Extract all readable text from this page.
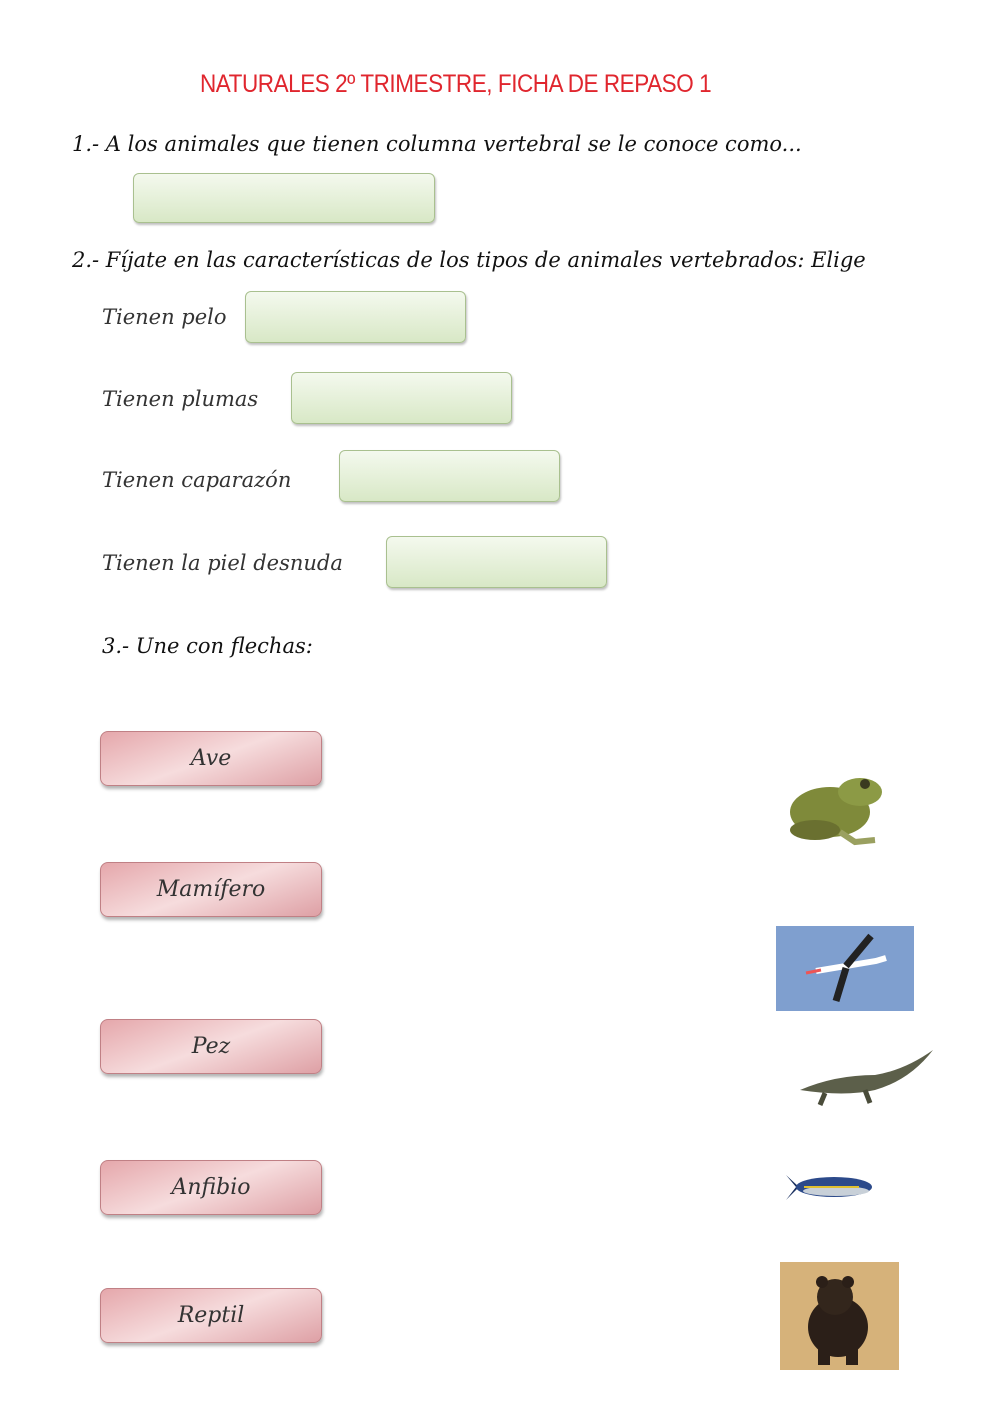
NATURALES 2º TRIMESTRE, FICHA DE REPASO 1
1.- A los animales que tienen columna vertebral se le conoce como...
2.- Fíjate en las características de los tipos de animales vertebrados: Elige
Tienen pelo
Tienen plumas
Tienen caparazón
Tienen la piel desnuda
3.- Une con flechas:
Ave
Mamífero
Pez
Anfibio
Reptil
